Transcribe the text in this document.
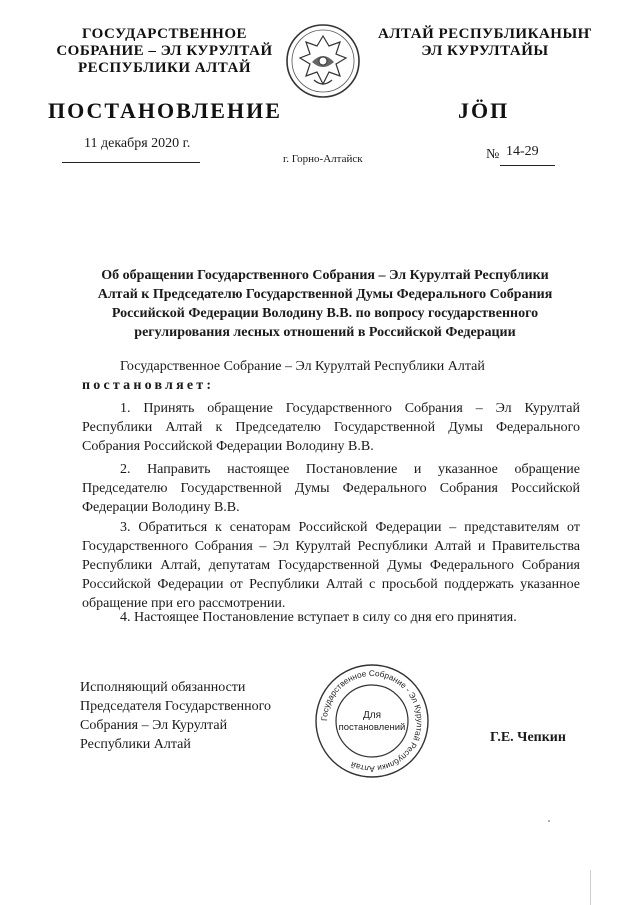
ГОСУДАРСТВЕННОЕ
СОБРАНИЕ – ЭЛ КУРУЛТАЙ
РЕСПУБЛИКИ АЛТАЙ
АЛТАЙ РЕСПУБЛИКАНЫҤ
ЭЛ КУРУЛТАЙЫ
ПОСТАНОВЛЕНИЕ	JӦП
11 декабря 2020 г.
г. Горно-Алтайск	№ 14-29
Об обращении Государственного Собрания – Эл Курултай Республики Алтай к Председателю Государственной Думы Федерального Собрания Российской Федерации Володину В.В. по вопросу государственного регулирования лесных отношений в Российской Федерации

Государственное Собрание – Эл Курултай Республики Алтай

постановляет:

1. Принять обращение Государственного Собрания – Эл Курултай Республики Алтай к Председателю Государственной Думы Федерального Собрания Российской Федерации Володину В.В.

2. Направить настоящее Постановление и указанное обращение Председателю Государственной Думы Федерального Собрания Российской Федерации Володину В.В.

3. Обратиться к сенаторам Российской Федерации – представителям от Государственного Собрания – Эл Курултай Республики Алтай и Правительства Республики Алтай, депутатам Государственной Думы Федерального Собрания Российской Федерации от Республики Алтай с просьбой поддержать указанное обращение при его рассмотрении.

4. Настоящее Постановление вступает в силу со дня его принятия.

Исполняющий обязанности
Председателя Государственного
Собрания – Эл Курултай
Республики Алтай
Государственное Собрание - Эл Курултай Республики Алтай
Для
постановлений
Г.Е. Чепкин
